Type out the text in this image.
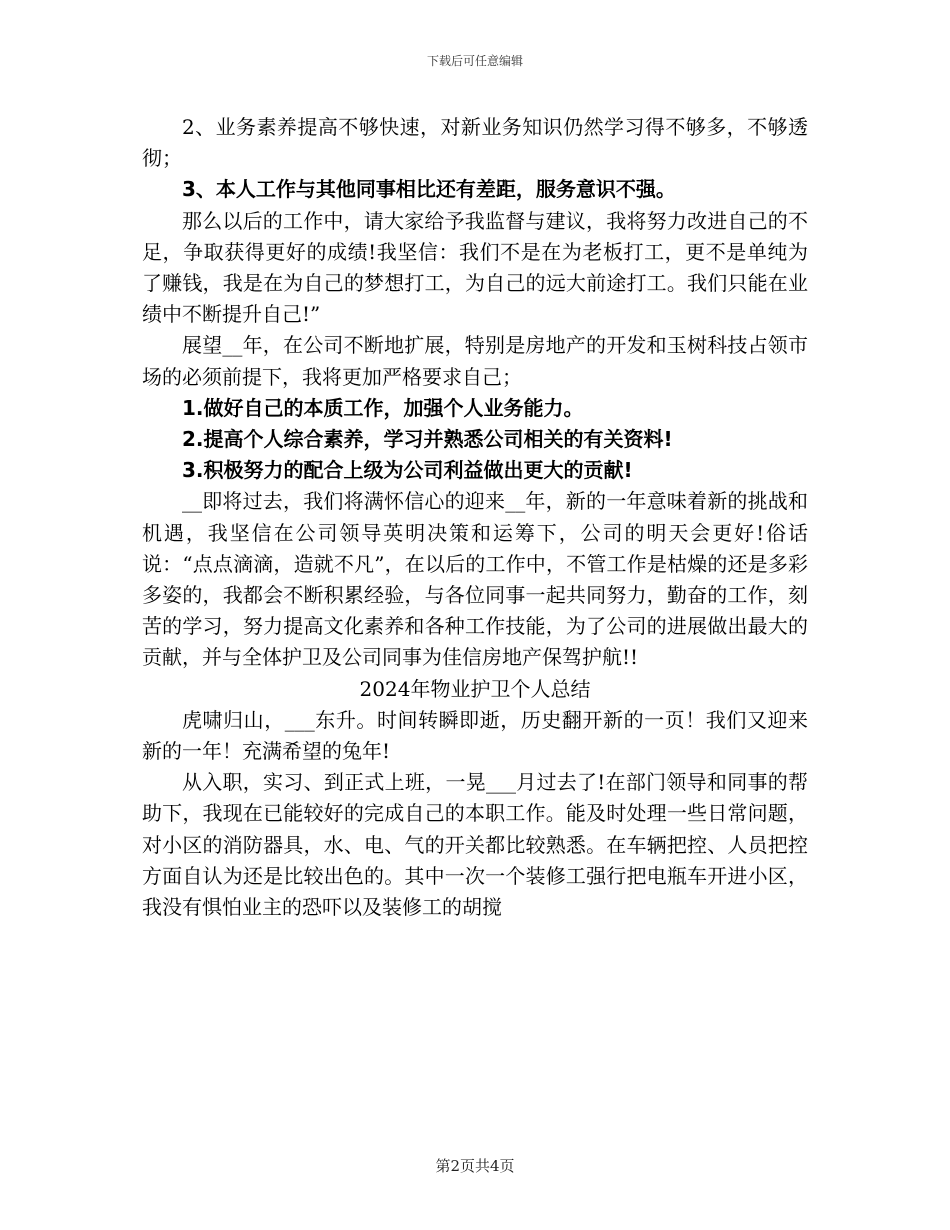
下载后可任意编辑

2、业务素养提高不够快速，对新业务知识仍然学习得不够多，不够透彻；

3、本人工作与其他同事相比还有差距，服务意识不强。

那么以后的工作中，请大家给予我监督与建议，我将努力改进自己的不足，争取获得更好的成绩!我坚信：我们不是在为老板打工，更不是单纯为了赚钱，我是在为自己的梦想打工，为自己的远大前途打工。我们只能在业绩中不断提升自己!”

展望__年，在公司不断地扩展，特别是房地产的开发和玉树科技占领市场的必须前提下，我将更加严格要求自己；

1.做好自己的本质工作，加强个人业务能力。

2.提高个人综合素养，学习并熟悉公司相关的有关资料!

3.积极努力的配合上级为公司利益做出更大的贡献!

__即将过去，我们将满怀信心的迎来__年，新的一年意味着新的挑战和机遇，我坚信在公司领导英明决策和运筹下，公司的明天会更好!俗话说：“点点滴滴，造就不凡”，在以后的工作中，不管工作是枯燥的还是多彩多姿的，我都会不断积累经验，与各位同事一起共同努力，勤奋的工作，刻苦的学习，努力提高文化素养和各种工作技能，为了公司的进展做出最大的贡献，并与全体护卫及公司同事为佳信房地产保驾护航!!

2024年物业护卫个人总结

虎啸归山，___东升。时间转瞬即逝，历史翻开新的一页！我们又迎来新的一年！充满希望的兔年!

从入职，实习、到正式上班，一晃___月过去了!在部门领导和同事的帮助下，我现在已能较好的完成自己的本职工作。能及时处理一些日常问题，对小区的消防器具，水、电、气的开关都比较熟悉。在车辆把控、人员把控方面自认为还是比较出色的。其中一次一个装修工强行把电瓶车开进小区，我没有惧怕业主的恐吓以及装修工的胡搅

第2页共4页
